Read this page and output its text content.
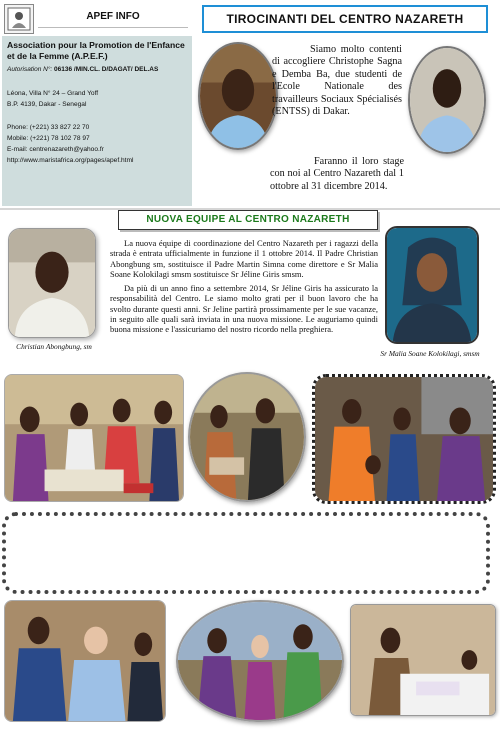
APEF INFO	TIROCINANTI DEL CENTRO NAZARETH
Association pour la Promotion de l'Enfance et de la Femme (A.P.E.F.)
Autorisation N°: 06136 /MIN.CL. D/DAGAT/ DEL.AS
Léona, Villa N° 24 – Grand Yoff
B.P. 4139, Dakar - Senegal
Phone: (+221) 33 827 22 70
Mobile: (+221) 78 102 78 97
E-mail: centrenazareth@yahoo.fr
http://www.maristafrica.org/pages/apef.html

Siamo molto contenti di accogliere Christophe Sagna e Demba Ba, due studenti de l'Ecole Nationale des travailleurs Sociaux Spécialisés (ENTSS) di Dakar.

Faranno il loro stage con noi al Centro Nazareth dal 1 ottobre al 31 dicembre 2014.
NUOVA EQUIPE AL CENTRO NAZARETH
Christian Abongbung, sm
Sr Malia Soane Kolokilagi, smsm

La nuova équipe di coordinazione del Centro Nazareth per i ragazzi della strada è entrata ufficialmente in funzione il 1 ottobre 2014. Il Padre Christian Abongbung sm, sostituisce il Padre Martin Simna come direttore e Sr Malia Soane Kolokilagi smsm sostituisce Sr Jéline Giris smsm.

Da più di un anno fino a settembre 2014, Sr Jéline Giris ha assicurato la responsabilità del Centro. Le siamo molto grati per il buon lavoro che ha svolto durante questi anni. Sr Jeline partirà prossimamente per le sue vacanze, in seguito alle quali sarà inviata in una nuova missione. Le auguriamo quindi buona missione e l'assicuriamo del nostro ricordo nella preghiera.
